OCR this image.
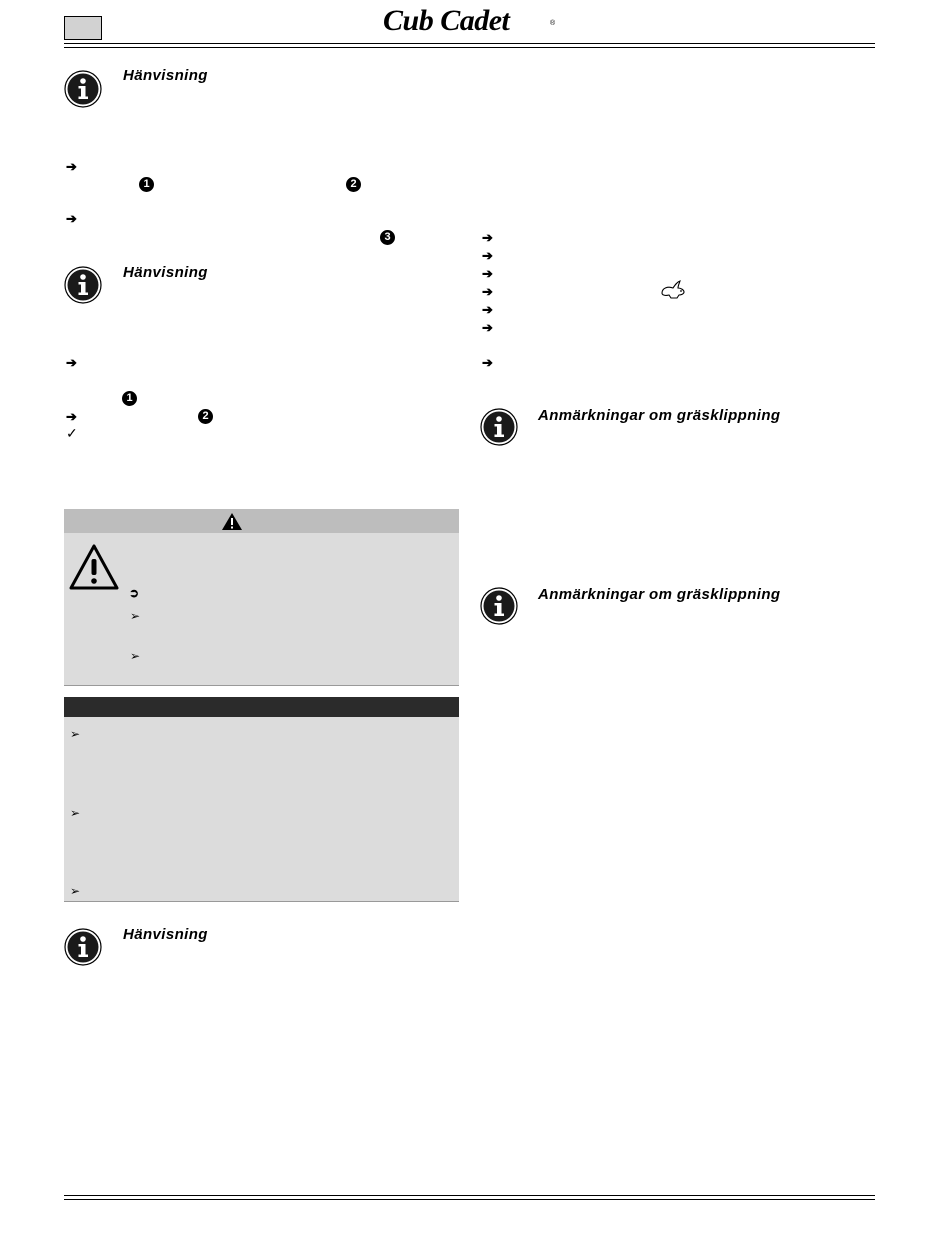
Cub Cadet	®
Hänvisning
➔
1	2
➔
3
Hänvisning
➔
1
➔	2
✓
➲
➢
➢
➢
➢
➢
Hänvisning
➔
➔
➔
➔
➔
➔
➔
Anmärkningar om gräsklippning
Anmärkningar om gräsklippning
